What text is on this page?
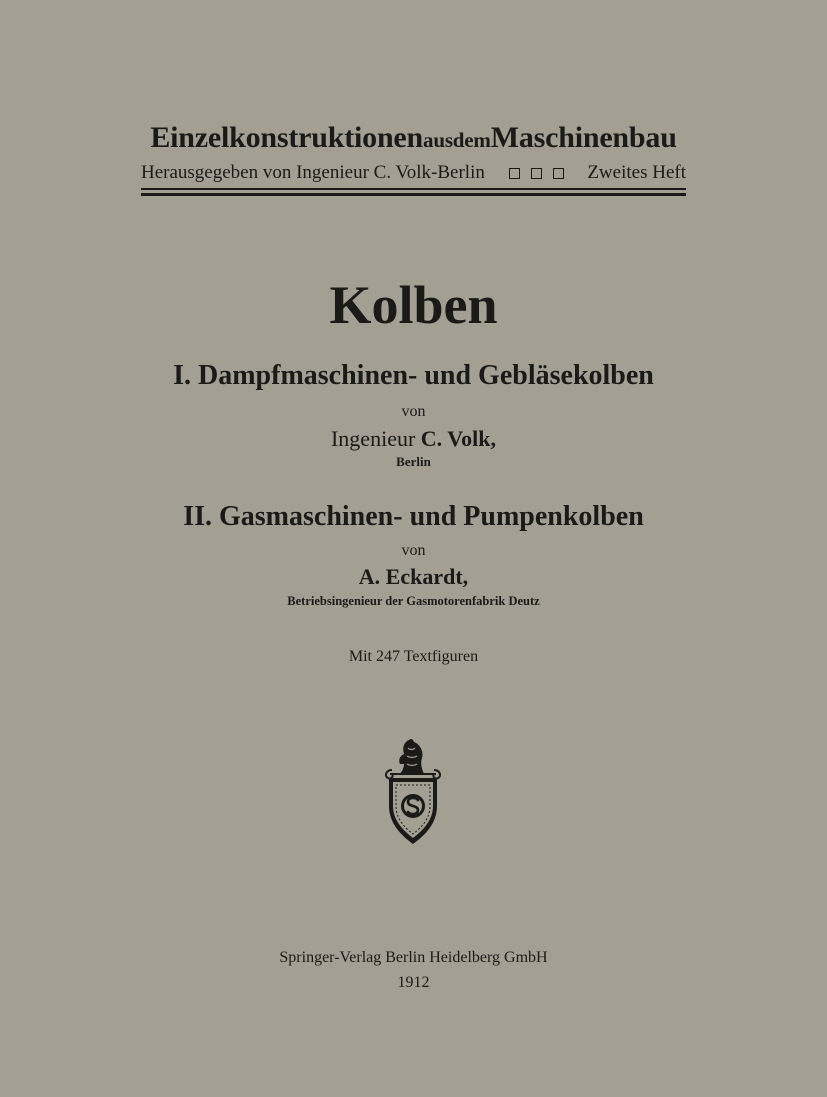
EinzelkonstruktionenausdemMaschinenbau
Herausgegeben von Ingenieur C. Volk-Berlin	Zweites Heft
Kolben
I. Dampfmaschinen- und Gebläsekolben
von
Ingenieur C. Volk,
Berlin
II. Gasmaschinen- und Pumpenkolben
von
A. Eckardt,
Betriebsingenieur der Gasmotorenfabrik Deutz
Mit 247 Textfiguren
Springer-Verlag Berlin Heidelberg GmbH
1912
